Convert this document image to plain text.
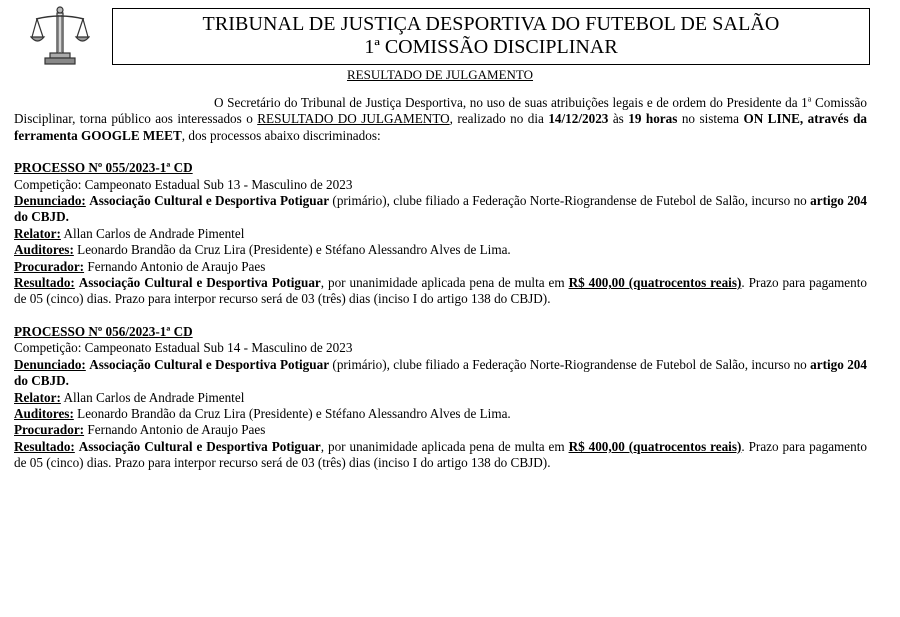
TRIBUNAL DE JUSTIÇA DESPORTIVA DO FUTEBOL DE SALÃO
1ª COMISSÃO DISCIPLINAR
RESULTADO DE JULGAMENTO

O Secretário do Tribunal de Justiça Desportiva, no uso de suas atribuições legais e de ordem do Presidente da 1$^a$ Comissão Disciplinar, torna público aos interessados o RESULTADO DO JULGAMENTO, realizado no dia 14/12/2023 às 19 horas no sistema ON LINE, através da ferramenta GOOGLE MEET, dos processos abaixo discriminados:

PROCESSO Nº 055/2023-1ª CD
Competição: Campeonato Estadual Sub 13 - Masculino de 2023
Denunciado: Associação Cultural e Desportiva Potiguar (primário), clube filiado a Federação Norte-Riograndense de Futebol de Salão, incurso no artigo 204 do CBJD.
Relator: Allan Carlos de Andrade Pimentel
Auditores: Leonardo Brandão da Cruz Lira (Presidente) e Stéfano Alessandro Alves de Lima.
Procurador: Fernando Antonio de Araujo Paes
Resultado: Associação Cultural e Desportiva Potiguar, por unanimidade aplicada pena de multa em R$ 400,00 (quatrocentos reais). Prazo para pagamento de 05 (cinco) dias. Prazo para interpor recurso será de 03 (três) dias (inciso I do artigo 138 do CBJD).
PROCESSO Nº 056/2023-1ª CD
Competição: Campeonato Estadual Sub 14 - Masculino de 2023
Denunciado: Associação Cultural e Desportiva Potiguar (primário), clube filiado a Federação Norte-Riograndense de Futebol de Salão, incurso no artigo 204 do CBJD.
Relator: Allan Carlos de Andrade Pimentel
Auditores: Leonardo Brandão da Cruz Lira (Presidente) e Stéfano Alessandro Alves de Lima.
Procurador: Fernando Antonio de Araujo Paes
Resultado: Associação Cultural e Desportiva Potiguar, por unanimidade aplicada pena de multa em R$ 400,00 (quatrocentos reais). Prazo para pagamento de 05 (cinco) dias. Prazo para interpor recurso será de 03 (três) dias (inciso I do artigo 138 do CBJD).
